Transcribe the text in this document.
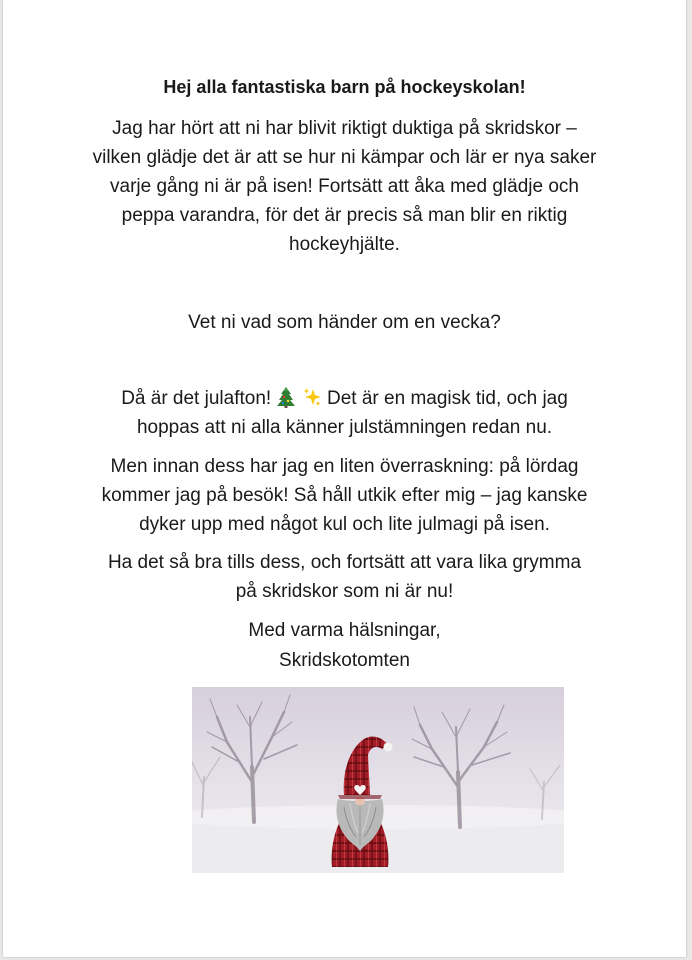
Hej alla fantastiska barn på hockeyskolan!

Jag har hört att ni har blivit riktigt duktiga på skridskor –
vilken glädje det är att se hur ni kämpar och lär er nya saker
varje gång ni är på isen! Fortsätt att åka med glädje och
peppa varandra, för det är precis så man blir en riktig
hockeyhjälte.

Vet ni vad som händer om en vecka?

Då är det julafton!	Det är en magisk tid, och jag
hoppas att ni alla känner julstämningen redan nu.

Men innan dess har jag en liten överraskning: på lördag
kommer jag på besök! Så håll utkik efter mig – jag kanske
dyker upp med något kul och lite julmagi på isen.

Ha det så bra tills dess, och fortsätt att vara lika grymma
på skridskor som ni är nu!

Med varma hälsningar,
Skridskotomten
